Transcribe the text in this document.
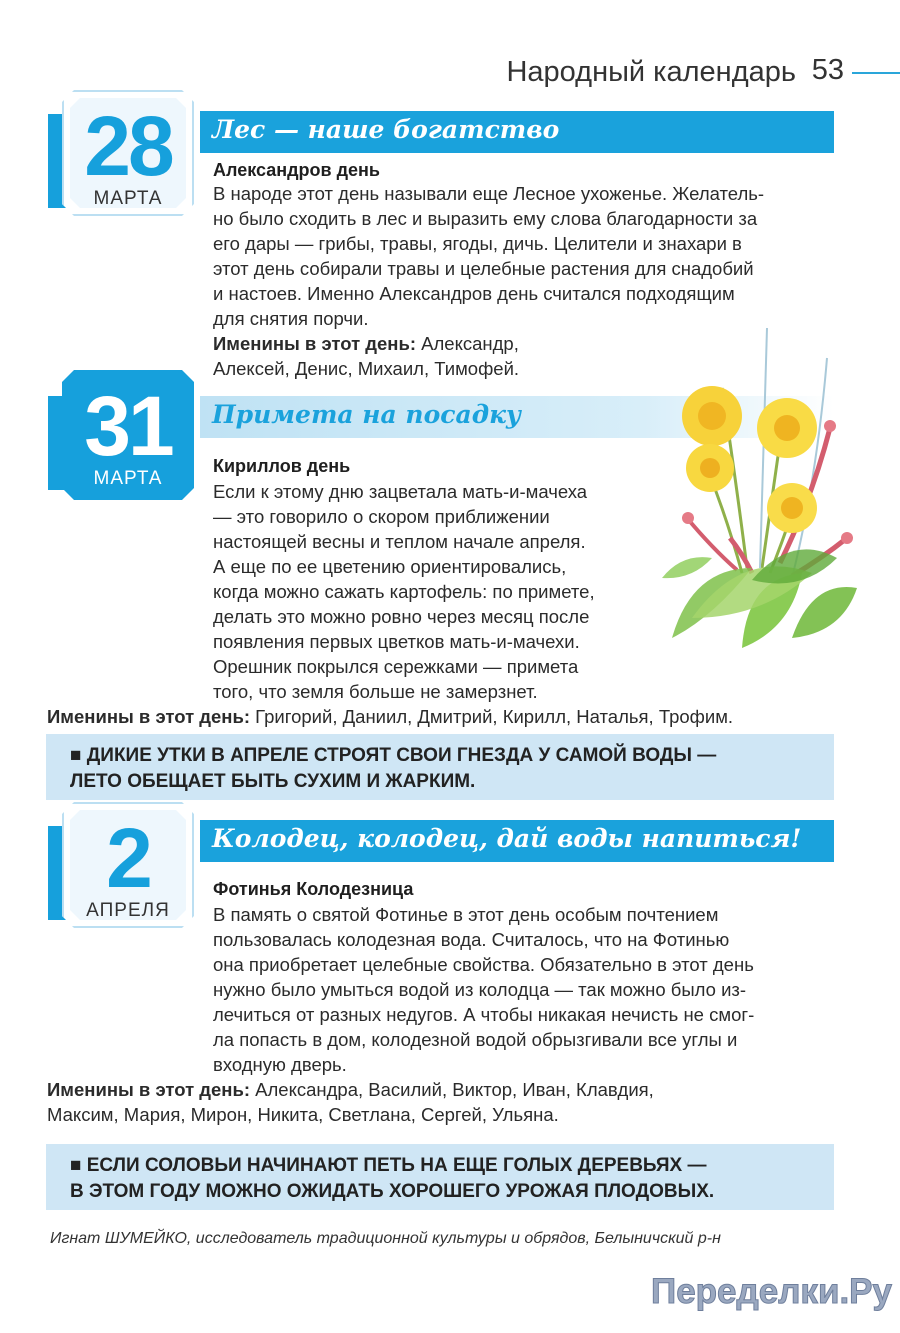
Народный календарь 53
28
МАРТА
Лес — наше богатство
Александров день
В народе этот день называли еще Лесное ухоженье. Желатель-
но было сходить в лес и выразить ему слова благодарности за
его дары — грибы, травы, ягоды, дичь. Целители и знахари в
этот день собирали травы и целебные растения для снадобий
и настоев. Именно Александров день считался подходящим
для снятия порчи.
Именины в этот день: Александр,
Алексей, Денис, Михаил, Тимофей.
31
МАРТА
Примета на посадку
Кириллов день
Если к этому дню зацветала мать-и-мачеха
— это говорило о скором приближении
настоящей весны и теплом начале апреля.
А еще по ее цветению ориентировались,
когда можно сажать картофель: по примете,
делать это можно ровно через месяц после
появления первых цветков мать-и-мачехи.
Орешник покрылся сережками — примета
того, что земля больше не замерзнет.
Именины в этот день: Григорий, Даниил, Дмитрий, Кирилл, Наталья, Трофим.
■ ДИКИЕ УТКИ В АПРЕЛЕ СТРОЯТ СВОИ ГНЕЗДА У САМОЙ ВОДЫ —
ЛЕТО ОБЕЩАЕТ БЫТЬ СУХИМ И ЖАРКИМ.
2
АПРЕЛЯ
Колодец, колодец, дай воды напиться!
Фотинья Колодезница
В память о святой Фотинье в этот день особым почтением
пользовалась колодезная вода. Считалось, что на Фотинью
она приобретает целебные свойства. Обязательно в этот день
нужно было умыться водой из колодца — так можно было из-
лечиться от разных недугов. А чтобы никакая нечисть не смог-
ла попасть в дом, колодезной водой обрызгивали все углы и
входную дверь.
Именины в этот день: Александра, Василий, Виктор, Иван, Клавдия,
Максим, Мария, Мирон, Никита, Светлана, Сергей, Ульяна.
■ ЕСЛИ СОЛОВЬИ НАЧИНАЮТ ПЕТЬ НА ЕЩЕ ГОЛЫХ ДЕРЕВЬЯХ —
В ЭТОМ ГОДУ МОЖНО ОЖИДАТЬ ХОРОШЕГО УРОЖАЯ ПЛОДОВЫХ.
Игнат ШУМЕЙКО, исследователь традиционной культуры и обрядов, Белыничский р-н
Переделки.Ру
